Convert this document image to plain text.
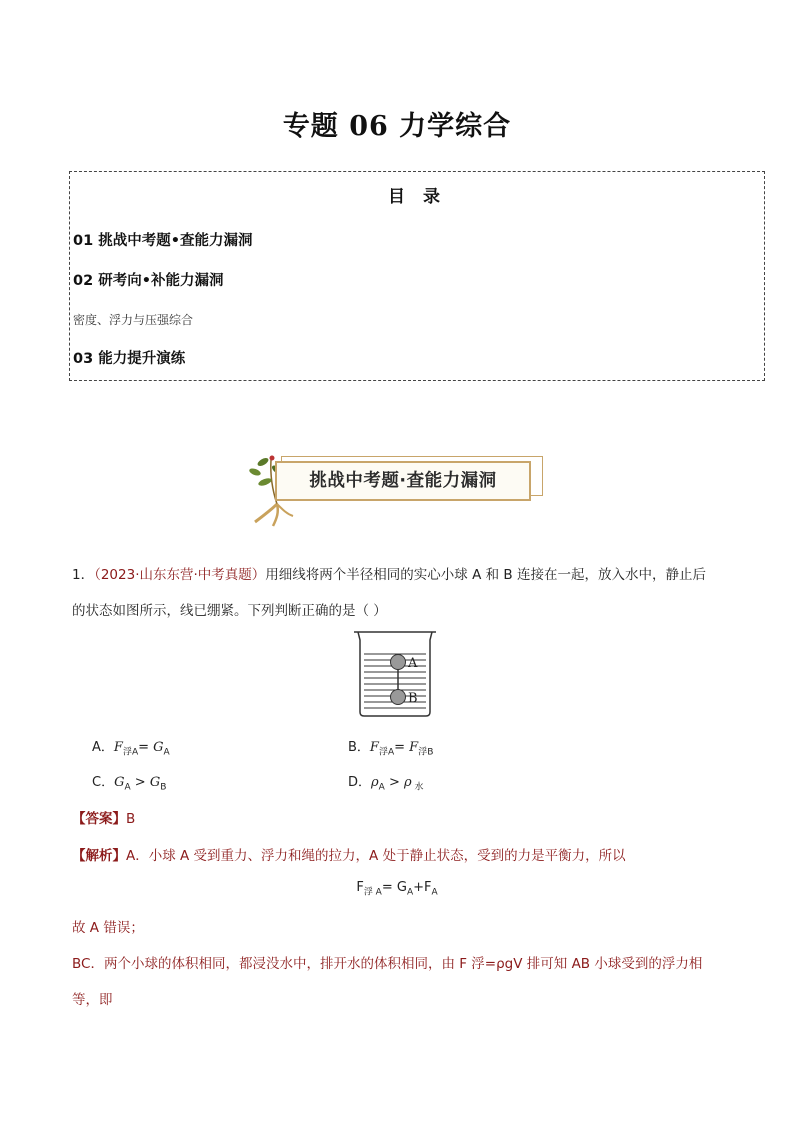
专题 06 力学综合
目 录
01 挑战中考题•查能力漏洞
02 研考向•补能力漏洞
密度、浮力与压强综合
03 能力提升演练
挑战中考题·查能力漏洞
1．（2023·山东东营·中考真题）用细线将两个半径相同的实心小球 A 和 B 连接在一起，放入水中，静止后
的状态如图所示，线已绷紧。下列判断正确的是（ ）
A
B
A．$F_{浮A}= G_A$	B．$F_{浮A}= F_{浮B}$
C．$G_A > G_B$	D．$\rho_A > \rho$ $_水$
【答案】B
【解析】A．小球 A 受到重力、浮力和绳的拉力，A 处于静止状态，受到的力是平衡力，所以
$F_{浮 A}= G_A+F_A$
故 A 错误；
BC．两个小球的体积相同，都浸没水中，排开水的体积相同，由 F 浮=ρgV 排可知 AB 小球受到的浮力相
等，即
